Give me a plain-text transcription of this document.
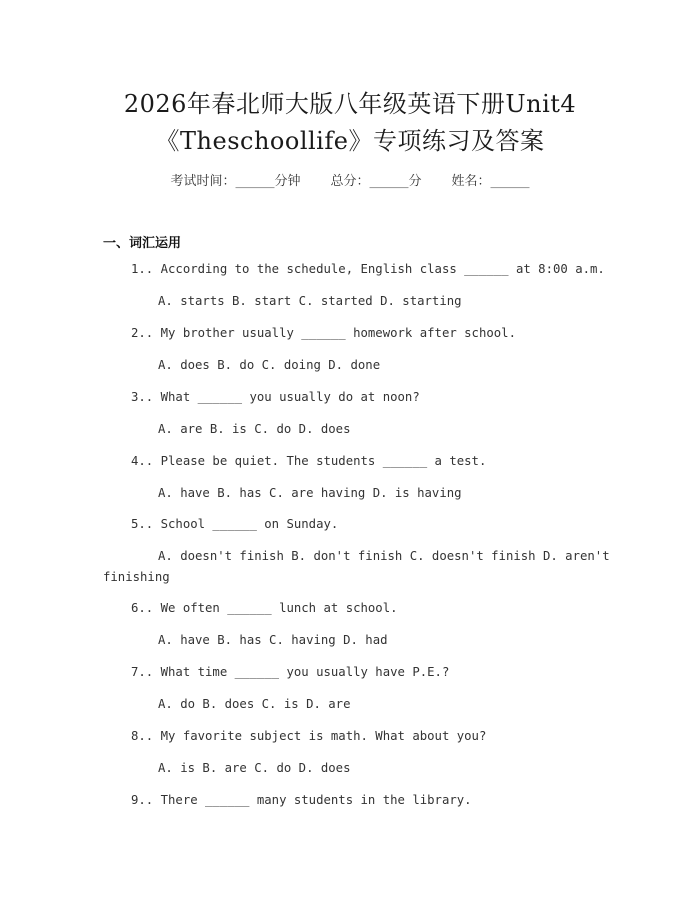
2026年春北师大版八年级英语下册Unit4
《Theschoollife》专项练习及答案
考试时间：______分钟 总分：______分 姓名：______
一、词汇运用
1.. According to the schedule, English class ______ at 8:00 a.m.
A. starts B. start C. started D. starting
2.. My brother usually ______ homework after school.
A. does B. do C. doing D. done
3.. What ______ you usually do at noon?
A. are B. is C. do D. does
4.. Please be quiet. The students ______ a test.
A. have B. has C. are having D. is having
5.. School ______ on Sunday.
A. doesn't finish B. don't finish C. doesn't finish D. aren't
finishing
6.. We often ______ lunch at school.
A. have B. has C. having D. had
7.. What time ______ you usually have P.E.?
A. do B. does C. is D. are
8.. My favorite subject is math. What about you?
A. is B. are C. do D. does
9.. There ______ many students in the library.
